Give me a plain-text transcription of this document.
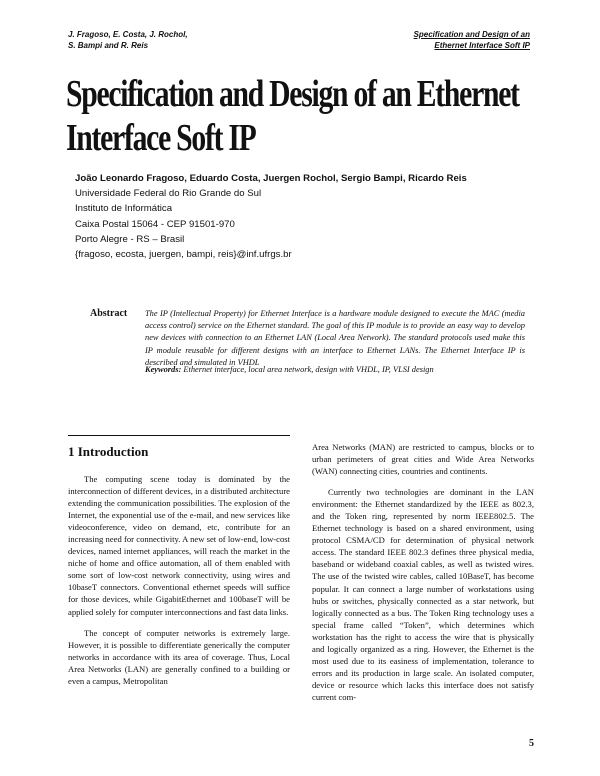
J. Fragoso, E. Costa, J. Rochol,
S. Bampi and R. Reis
Specification and Design of an
Ethernet Interface Soft IP
Specification and Design of an Ethernet
Interface Soft IP
João Leonardo Fragoso, Eduardo Costa, Juergen Rochol, Sergio Bampi, Ricardo Reis
Universidade Federal do Rio Grande do Sul
Instituto de Informática
Caixa Postal 15064 - CEP 91501-970
Porto Alegre - RS – Brasil
{fragoso, ecosta, juergen, bampi, reis}@inf.ufrgs.br
Abstract The IP (Intellectual Property) for Ethernet Interface is a hardware module designed to execute the MAC (media access control) service on the Ethernet standard. The goal of this IP module is to provide an easy way to develop new devices with connection to an Ethernet LAN (Local Area Network). The standard protocols used make this IP module reusable for different designs with an interface to Ethernet LANs. The Ethernet Interface IP is described and simulated in VHDL
Keywords: Ethernet interface, local area network, design with VHDL, IP, VLSI design
1 Introduction

The computing scene today is dominated by the interconnection of different devices, in a distributed architecture extending the communication possibilities. The explosion of the Internet, the exponential use of the e-mail, and new services like videoconference, video on demand, etc, contribute for an increasing need for connectivity. A new set of low-end, low-cost devices, named internet appliances, will reach the market in the niche of home and office automation, all of them enabled with some sort of low-cost network connectivity, using wires and 10baseT connectors. Conventional ethernet speeds will suffice for those devices, while GigabitEthernet and 100baseT will be applied solely for computer interconnections and fast data links.

The concept of computer networks is extremely large. However, it is possible to differentiate generically the computer networks in accordance with its area of coverage. Thus, Local Area Networks (LAN) are generally confined to a building or even a campus, Metropolitan

Area Networks (MAN) are restricted to campus, blocks or to urban perimeters of great cities and Wide Area Networks (WAN) connecting cities, countries and continents.

Currently two technologies are dominant in the LAN environment: the Ethernet standardized by the IEEE as 802.3, and the Token ring, represented by norm IEEE802.5. The Ethernet technology is based on a shared environment, using protocol CSMA/CD for determination of physical network access. The standard IEEE 802.3 defines three physical media, baseband or wideband coaxial cables, as well as twisted wires. The use of the twisted wire cables, called 10BaseT, has become popular. It can connect a large number of workstations using hubs or switches, physically connected as a star network, but logically connected as a bus. The Token Ring technology uses a special frame called “Token”, which determines which workstation has the right to access the wire that is physically and logically organized as a ring. However, the Ethernet is the most used due to its easiness of implementation, tolerance to errors and its production in large scale. An isolated computer, device or resource which lacks this interface does not satisfy current com-

5
